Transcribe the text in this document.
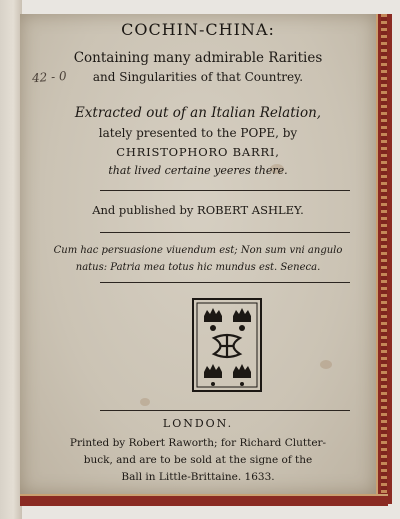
42 - 0
COCHIN-CHINA:
Containing many admirable Rarities
and Singularities of that Countrey.
Extracted out of an Italian Relation,
lately presented to the POPE, by
CHRISTOPHORO BARRI,
that lived certaine yeeres there.
And published by ROBERT ASHLEY.
Cum hac persuasione viuendum est; Non sum vni angulo
natus: Patria mea totus hic mundus est. Seneca.
LONDON.
Printed by Robert Raworth; for Richard Clutter-
buck, and are to be sold at the signe of the
Ball in Little-Brittaine. 1633.
